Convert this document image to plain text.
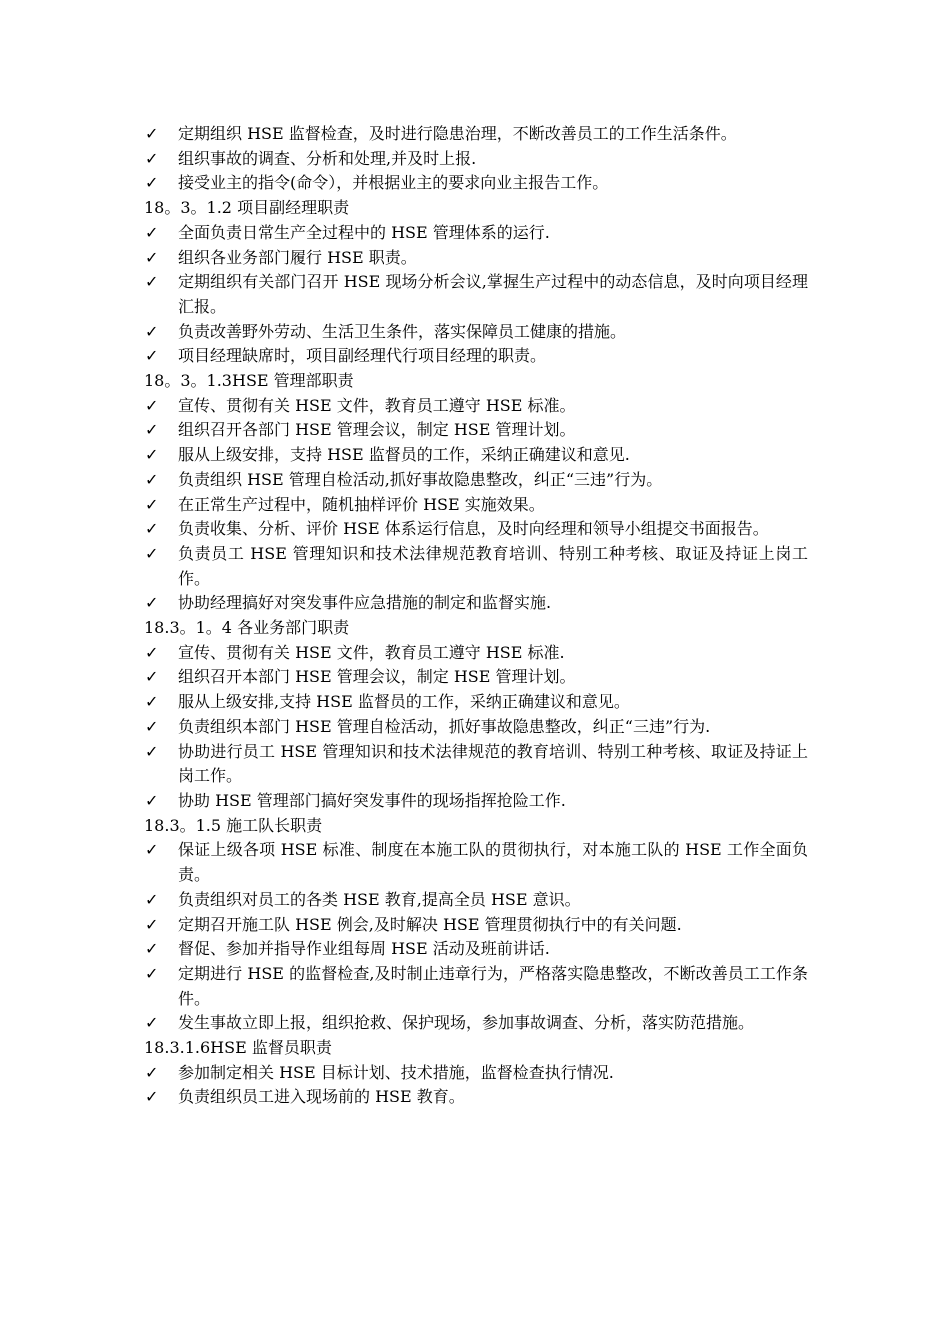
✓ 定期组织 HSE 监督检查，及时进行隐患治理，不断改善员工的工作生活条件。
✓ 组织事故的调查、分析和处理,并及时上报.
✓ 接受业主的指令(命令），并根据业主的要求向业主报告工作。
18。3。1.2 项目副经理职责
✓ 全面负责日常生产全过程中的 HSE 管理体系的运行.
✓ 组织各业务部门履行 HSE 职责。
✓ 定期组织有关部门召开 HSE 现场分析会议,掌握生产过程中的动态信息，及时向项目经理汇报。
✓ 负责改善野外劳动、生活卫生条件，落实保障员工健康的措施。
✓ 项目经理缺席时，项目副经理代行项目经理的职责。
18。3。1.3HSE 管理部职责
✓ 宣传、贯彻有关 HSE 文件，教育员工遵守 HSE 标准。
✓ 组织召开各部门 HSE 管理会议，制定 HSE 管理计划。
✓ 服从上级安排，支持 HSE 监督员的工作，采纳正确建议和意见.
✓ 负责组织 HSE 管理自检活动,抓好事故隐患整改，纠正“三违”行为。
✓ 在正常生产过程中，随机抽样评价 HSE 实施效果。
✓ 负责收集、分析、评价 HSE 体系运行信息，及时向经理和领导小组提交书面报告。
✓ 负责员工 HSE 管理知识和技术法律规范教育培训、特别工种考核、取证及持证上岗工作。
✓ 协助经理搞好对突发事件应急措施的制定和监督实施.
18.3。1。4 各业务部门职责
✓ 宣传、贯彻有关 HSE 文件，教育员工遵守 HSE 标准.
✓ 组织召开本部门 HSE 管理会议，制定 HSE 管理计划。
✓ 服从上级安排,支持 HSE 监督员的工作，采纳正确建议和意见。
✓ 负责组织本部门 HSE 管理自检活动，抓好事故隐患整改，纠正“三违”行为.
✓ 协助进行员工 HSE 管理知识和技术法律规范的教育培训、特别工种考核、取证及持证上岗工作。
✓ 协助 HSE 管理部门搞好突发事件的现场指挥抢险工作.
18.3。1.5 施工队长职责
✓ 保证上级各项 HSE 标准、制度在本施工队的贯彻执行，对本施工队的 HSE 工作全面负责。
✓ 负责组织对员工的各类 HSE 教育,提高全员 HSE 意识。
✓ 定期召开施工队 HSE 例会,及时解决 HSE 管理贯彻执行中的有关问题.
✓ 督促、参加并指导作业组每周 HSE 活动及班前讲话.
✓ 定期进行 HSE 的监督检查,及时制止违章行为，严格落实隐患整改，不断改善员工工作条件。
✓ 发生事故立即上报，组织抢救、保护现场，参加事故调查、分析，落实防范措施。
18.3.1.6HSE 监督员职责
✓ 参加制定相关 HSE 目标计划、技术措施，监督检查执行情况.
✓ 负责组织员工进入现场前的 HSE 教育。
